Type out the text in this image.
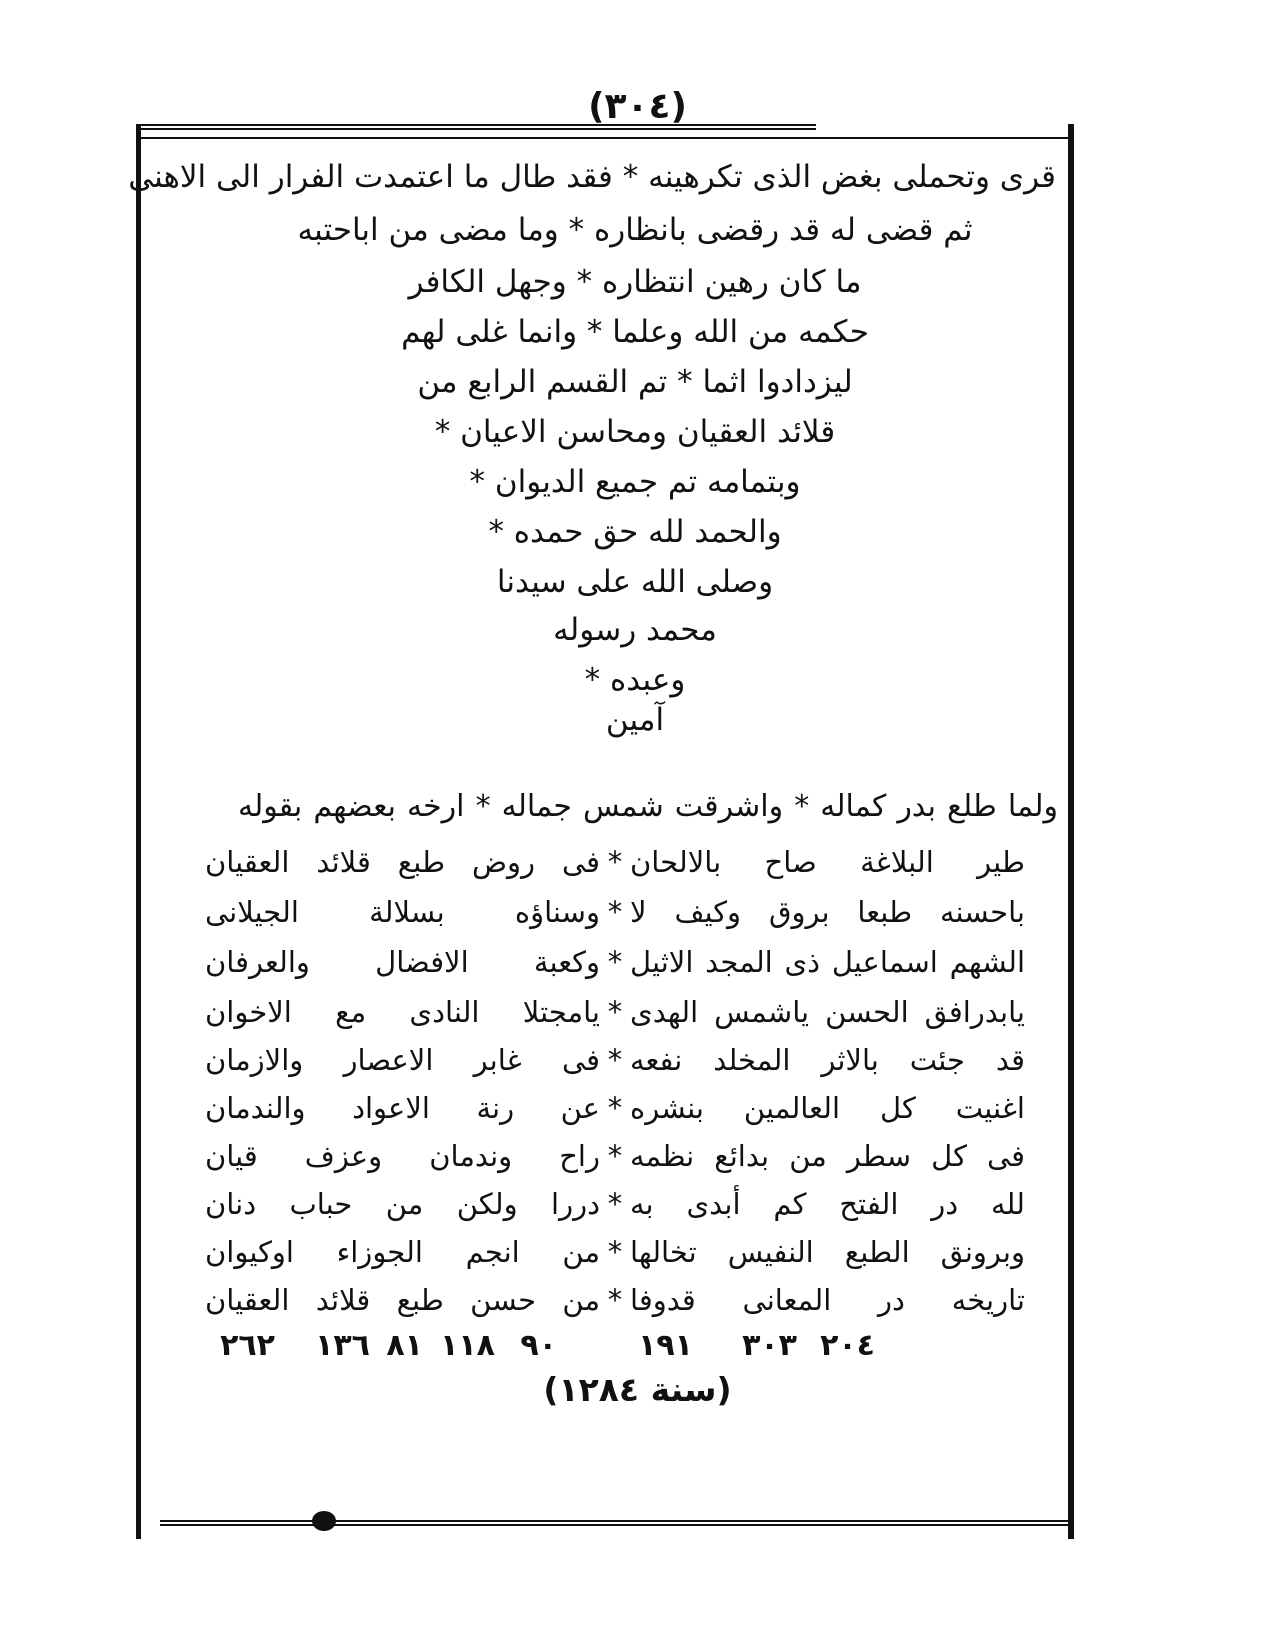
(٣٠٤)
قرى وتحملى بغض الذى تكرهينه * فقد طال ما اعتمدت الفرار الى الاهنى
ثم قضى له قد رقضى بانظاره * وما مضى من اباحتبه
ما كان رهين انتظاره * وجهل الكافر
حكمه من الله وعلما * وانما غلى لهم
ليزدادوا اثما * تم القسم الرابع من
قلائد العقيان ومحاسن الاعيان *
وبتمامه تم جميع الديوان *
والحمد لله حق حمده *
وصلى الله على سيدنا
محمد رسوله
وعبده *
آمين
ولما طلع بدر كماله * واشرقت شمس جماله * ارخه بعضهم بقوله
طير البلاغة صاح بالالحان
*
فى روض طبع قلائد العقيان
باحسنه طبعا بروق وكيف لا
*
وسناؤه بسلالة الجيلانى
الشهم اسماعيل ذى المجد الاثيل
*
وكعبة الافضال والعرفان
يابدرافق الحسن ياشمس الهدى
*
يامجتلا النادى مع الاخوان
قد جئت بالاثر المخلد نفعه
*
فى غابر الاعصار والازمان
اغنيت كل العالمين بنشره
*
عن رنة الاعواد والندمان
فى كل سطر من بدائع نظمه
*
راح وندمان وعزف قيان
لله در الفتح كم أبدى به
*
دررا ولكن من حباب دنان
وبرونق الطبع النفيس تخالها
*
من انجم الجوزاء اوكيوان
تاريخه در المعانى قدوفا
*
من حسن طبع قلائد العقيان
٢٠٤
٣٠٣
١٩١
٩٠
١١٨
٨١
١٣٦
٢٦٢
(سنة ١٢٨٤)
